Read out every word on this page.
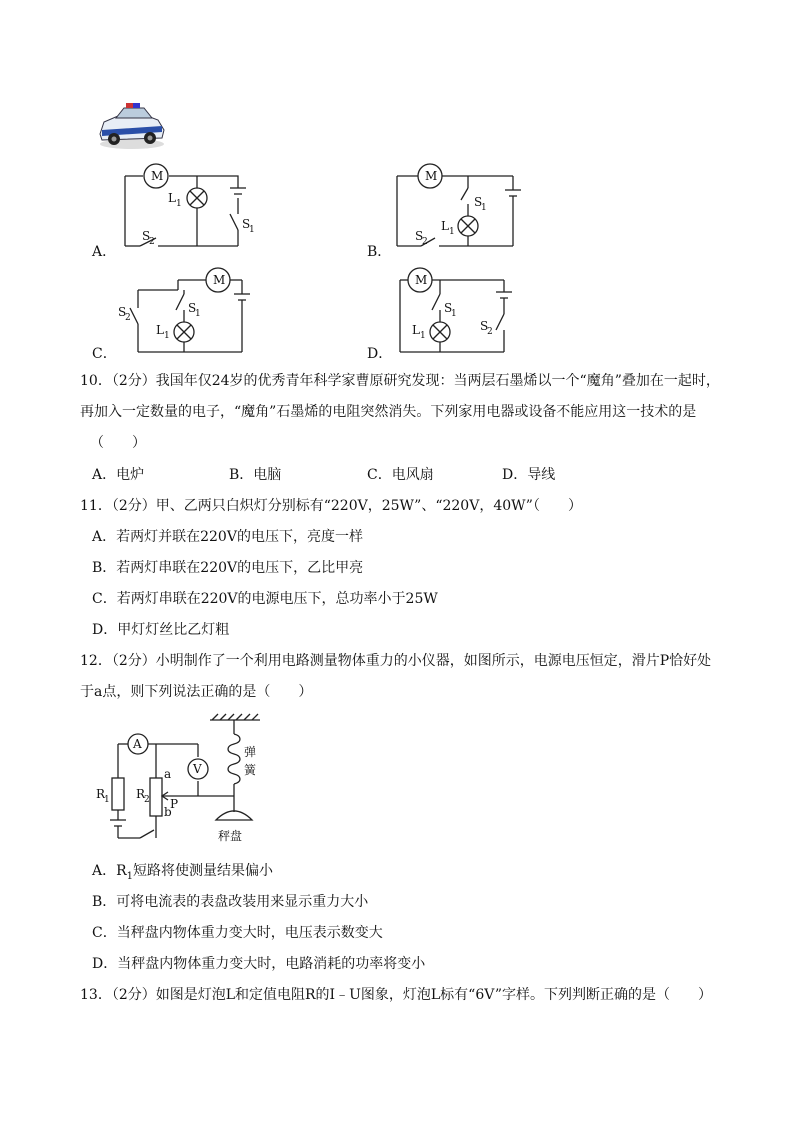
A．
M
L 1
S
1
S
2
B．
M
S
1
L 1
S
2
C．
M
S
1
L 1
S
2
D．
M
S
1
L 1
S
2
10．（2分）我国年仅24岁的优秀青年科学家曹原研究发现：当两层石墨烯以一个“魔角”叠加在一起时，
再加入一定数量的电子，“魔角”石墨烯的电阻突然消失。下列家用电器或设备不能应用这一技术的是
（　　）
A．电炉	B．电脑	C．电风扇	D．导线
11．（2分）甲、乙两只白炽灯分别标有“220V，25W”、“220V，40W”（　　）
A．若两灯并联在220V的电压下，亮度一样
B．若两灯串联在220V的电压下，乙比甲亮
C．若两灯串联在220V的电源电压下，总功率小于25W
D．甲灯灯丝比乙灯粗
12．（2分）小明制作了一个利用电路测量物体重力的小仪器，如图所示，电源电压恒定，滑片P恰好处
于a点，则下列说法正确的是（　　）
A
V
R
1 R
2
a
b
P
弹
簧
秤盘
A．$R_1$短路将使测量结果偏小
B．可将电流表的表盘改装用来显示重力大小
C．当秤盘内物体重力变大时，电压表示数变大
D．当秤盘内物体重力变大时，电路消耗的功率将变小
13．（2分）如图是灯泡L和定值电阻R的I﹣U图象，灯泡L标有“6V”字样。下列判断正确的是（　　）
